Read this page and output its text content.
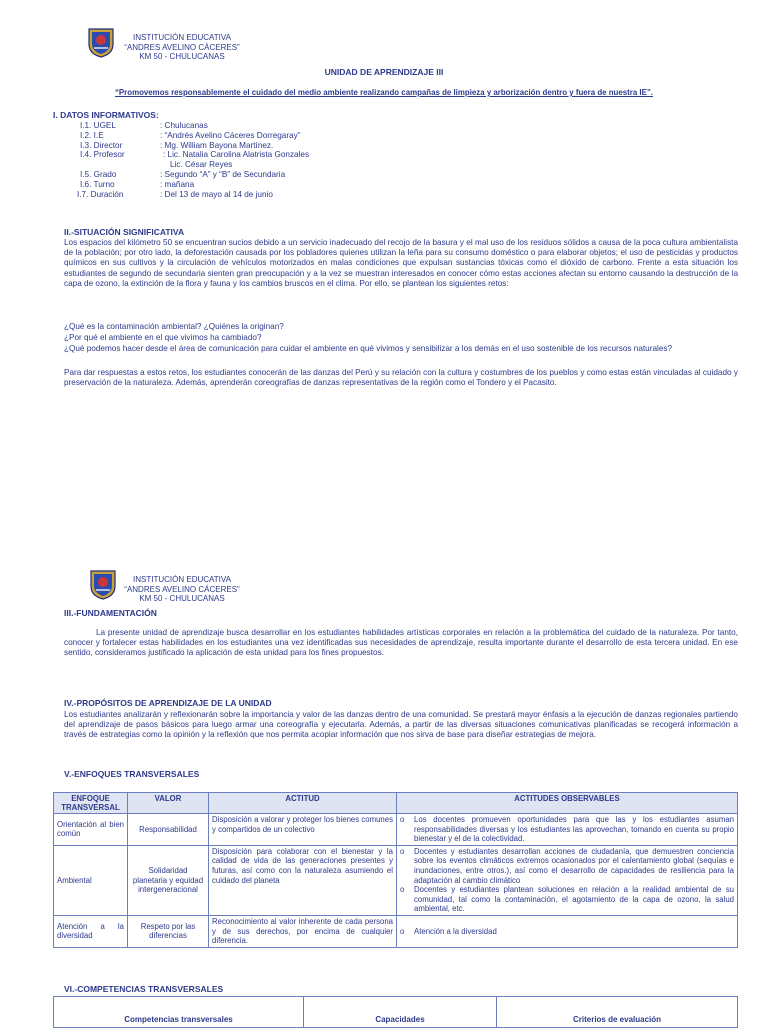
INSTITUCIÓN EDUCATIVA
“ANDRES AVELINO CÁCERES”
KM 50 - CHULUCANAS
UNIDAD DE APRENDIZAJE III
“Promovemos responsablemente el cuidado del medio ambiente realizando campañas de limpieza y arborización dentro y fuera de nuestra IE”.
I. DATOS INFORMATIVOS:
I.1. UGEL	: Chulucanas
I.2. I.E	: “Andrés Avelino Cáceres Dorregaray”
I.3. Director	: Mg. William Bayona Martínez.
I.4. Profesor	: Lic. Natalia Carolina Alatrista Gonzales
Lic. César Reyes
I.5. Grado	: Segundo “A” y “B” de Secundaria
I.6. Turno	: mañana
I.7. Duración	: Del 13 de mayo al 14 de junio
II.-SITUACIÓN SIGNIFICATIVA
Los espacios del kilómetro 50 se encuentran sucios debido a un servicio inadecuado del recojo de la basura y el mal uso de los residuos sólidos a causa de la poca cultura ambientalista de la población; por otro lado, la deforestación causada por los pobladores quienes utilizan la leña para su consumo doméstico o para elaborar objetos; el uso de pesticidas y productos químicos en sus cultivos y la circulación de vehículos motorizados en malas condiciones que expulsan sustancias tóxicas como el dióxido de carbono. Frente a esta situación los estudiantes de segundo de secundaria sienten gran preocupación y a la vez se muestran interesados en conocer cómo estas acciones afectan su entorno causando la destrucción de la capa de ozono, la extinción de la flora y fauna y los cambios bruscos en el clima. Por ello, se plantean los siguientes retos:
¿Qué es la contaminación ambiental? ¿Quiénes la originan?
¿Por qué el ambiente en el que vivimos ha cambiado?
¿Qué podemos hacer desde el área de comunicación para cuidar el ambiente en qué vivimos y sensibilizar a los demás en el uso sostenible de los recursos naturales?
Para dar respuestas a estos retos, los estudiantes conocerán de las danzas del Perú y su relación con la cultura y costumbres de los pueblos y como estas están vinculadas al cuidado y preservación de la naturaleza. Además, aprenderán coreografías de danzas representativas de la región como el Tondero y el Pacasito.
INSTITUCIÓN EDUCATIVA
“ANDRES AVELINO CÁCERES”
KM 50 - CHULUCANAS
III.-FUNDAMENTACIÓN
La presente unidad de aprendizaje busca desarrollar en los estudiantes habilidades artísticas corporales en relación a la problemática del cuidado de la naturaleza. Por tanto, conocer y fortalecer estas habilidades en los estudiantes una vez identificadas sus necesidades de aprendizaje, resulta importante durante el desarrollo de esta tercera unidad. En ese sentido, consideramos justificado la aplicación de esta unidad para los fines propuestos.
IV.-PROPÓSITOS DE APRENDIZAJE DE LA UNIDAD
Los estudiantes analizarán y reflexionarán sobre la importancia y valor de las danzas dentro de una comunidad. Se prestará mayor énfasis a la ejecución de danzas regionales partiendo del aprendizaje de pasos básicos para luego armar una coreografía y ejecutarla. Además, a partir de las diversas situaciones comunicativas planificadas se recogerá información a través de estrategias como la opinión y la reflexión que nos permita acopiar información que nos sirva de base para diseñar estrategias de mejora.
V.-ENFOQUES TRANSVERSALES
ENFOQUE TRANSVERSAL	VALOR	ACTITUD	ACTITUDES OBSERVABLES
Orientación al bien común	Responsabilidad	Disposición a valorar y proteger los bienes comunes y compartidos de un colectivo	o Los docentes promueven oportunidades para que las y los estudiantes asuman responsabilidades diversas y los estudiantes las aprovechan, tomando en cuenta su propio bienestar y el de la colectividad.

Ambiental	Solidaridad planetaria y equidad intergeneracional	Disposición para colaborar con el bienestar y la calidad de vida de las generaciones presentes y futuras, así como con la naturaleza asumiendo el cuidado del planeta	o Docentes y estudiantes desarrollan acciones de ciudadanía, que demuestren conciencia sobre los eventos climáticos extremos ocasionados por el calentamiento global (sequías e inundaciones, entre otros.), así como el desarrollo de capacidades de resiliencia para la adaptación al cambio climático
o Docentes y estudiantes plantean soluciones en relación a la realidad ambiental de su comunidad, tal como la contaminación, el agotamiento de la capa de ozono, la salud ambiental, etc.

Atención a la diversidad	Respeto por las diferencias	Reconocimiento al valor inherente de cada persona y de sus derechos, por encima de cualquier diferencia.	o Atención a la diversidad
VI.-COMPETENCIAS TRANSVERSALES
Competencias transversales	Capacidades	Criterios de evaluación
